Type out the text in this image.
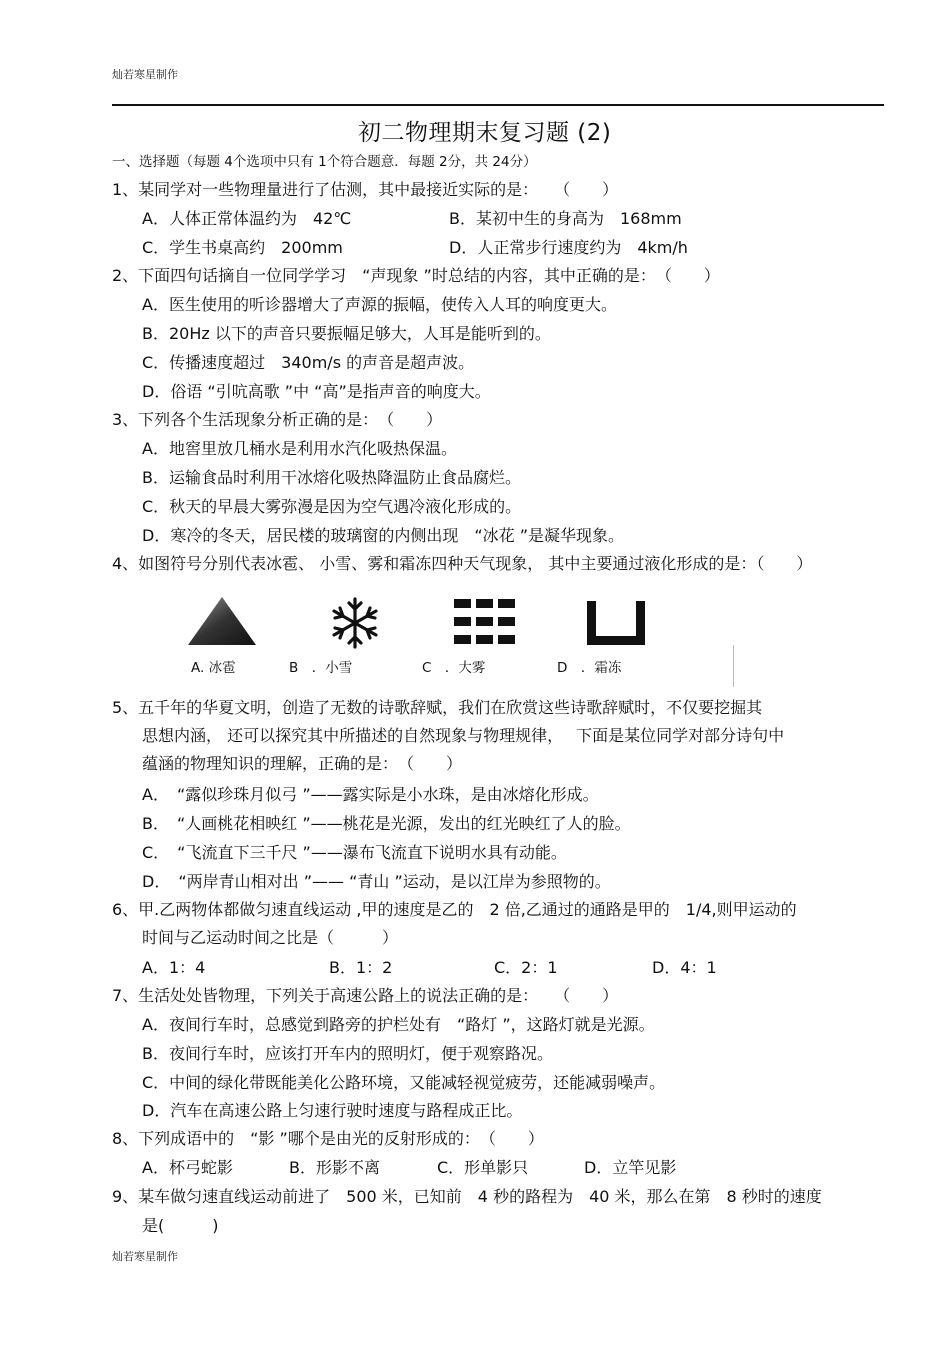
灿若寒星制作
初二物理期末复习题 (2)
一、选择题（每题 4个选项中只有 1个符合题意．每题 2分，共 24分）
1、某同学对一些物理量进行了估测，其中最接近实际的是：　　（　　）
A．人体正常体温约为　42℃	B．某初中生的身高为　168mm
C．学生书桌高约　200mm	D．人正常步行速度约为　4km/h
2、下面四句话摘自一位同学学习　“声现象 ”时总结的内容，其中正确的是：　（　　）
A．医生使用的听诊器增大了声源的振幅，使传入人耳的响度更大。
B．20Hz 以下的声音只要振幅足够大，人耳是能听到的。
C．传播速度超过　340m/s 的声音是超声波。
D．俗语 “引吭高歌 ”中 “高”是指声音的响度大。
3、下列各个生活现象分析正确的是：　（　　）
A．地窖里放几桶水是利用水汽化吸热保温。
B．运输食品时利用干冰熔化吸热降温防止食品腐烂。
C．秋天的早晨大雾弥漫是因为空气遇冷液化形成的。
D．寒冷的冬天，居民楼的玻璃窗的内侧出现　“冰花 ”是凝华现象。
4、如图符号分别代表冰雹、 小雪、雾和霜冻四种天气现象， 其中主要通过液化形成的是：（　　）
A. 冰雹	B　．小雪	C　．大雾	D　．霜冻
5、五千年的华夏文明，创造了无数的诗歌辞赋，我们在欣赏这些诗歌辞赋时，不仅要挖掘其
思想内涵， 还可以探究其中所描述的自然现象与物理规律，　 下面是某位同学对部分诗句中
蕴涵的物理知识的理解，正确的是：　（　　）
A．　“露似珍珠月似弓 ”——露实际是小水珠，是由冰熔化形成。
B．　“人画桃花相映红 ”——桃花是光源，发出的红光映红了人的脸。
C．　“飞流直下三千尺 ”——瀑布飞流直下说明水具有动能。
D．　“两岸青山相对出 ”—— “青山 ”运动，是以江岸为参照物的。
6、甲.乙两物体都做匀速直线运动 ,甲的速度是乙的　2 倍,乙通过的通路是甲的　1/4,则甲运动的
时间与乙运动时间之比是（　　　）
A．1：4	B．1：2	C．2：1	D．4：1
7、生活处处皆物理，下列关于高速公路上的说法正确的是：　　（　　）
A．夜间行车时，总感觉到路旁的护栏处有　“路灯 ”，这路灯就是光源。
B．夜间行车时，应该打开车内的照明灯，便于观察路况。
C．中间的绿化带既能美化公路环境，又能减轻视觉疲劳，还能减弱噪声。
D．汽车在高速公路上匀速行驶时速度与路程成正比。
8、下列成语中的　“影 ”哪个是由光的反射形成的：　（　　）
A．杯弓蛇影	B．形影不离	C．形单影只	D．立竿见影
9、某车做匀速直线运动前进了　500 米，已知前　4 秒的路程为　40 米，那么在第　8 秒时的速度
是(　　　)
灿若寒星制作
